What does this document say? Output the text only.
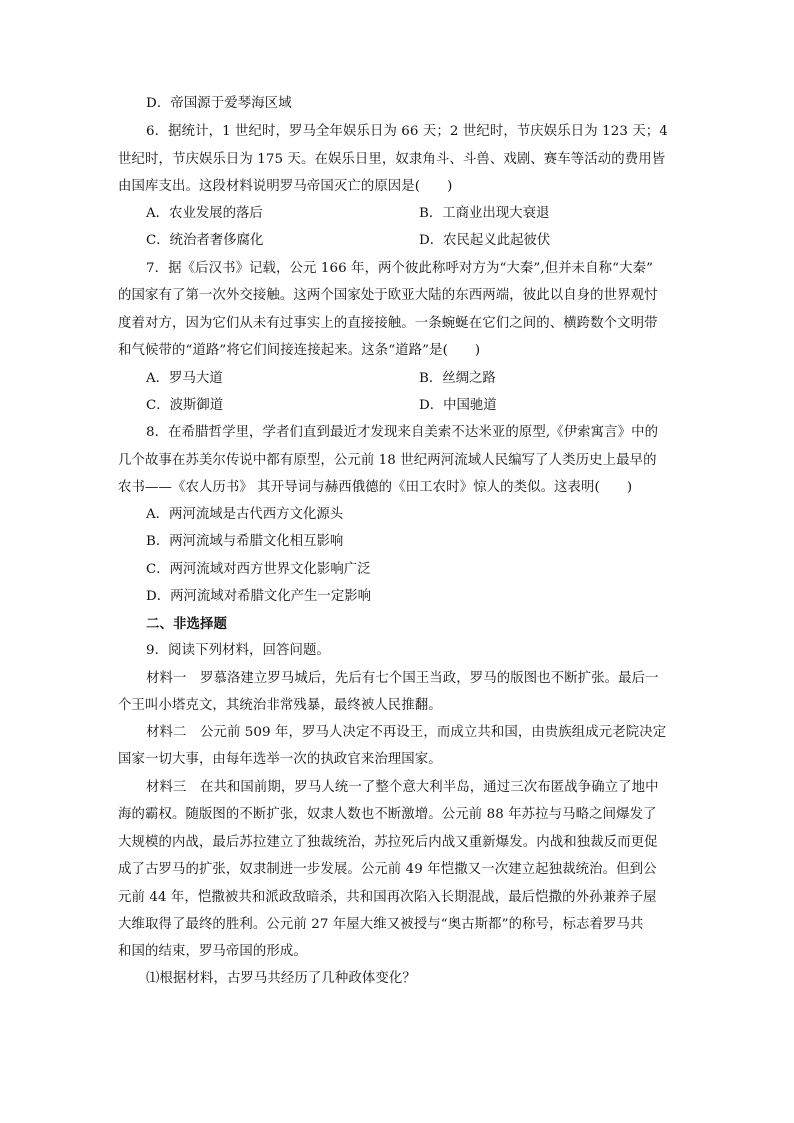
D．帝国源于爱琴海区域
6．据统计，1 世纪时，罗马全年娱乐日为 66 天；2 世纪时，节庆娱乐日为 123 天；4
世纪时，节庆娱乐日为 175 天。在娱乐日里，奴隶角斗、斗兽、戏剧、赛车等活动的费用皆
由国库支出。这段材料说明罗马帝国灭亡的原因是(　　)
A．农业发展的落后	B．工商业出现大衰退
C．统治者奢侈腐化	D．农民起义此起彼伏
7．据《后汉书》记载，公元 166 年，两个彼此称呼对方为“大秦”,但并未自称“大秦”
的国家有了第一次外交接触。这两个国家处于欧亚大陆的东西两端，彼此以自身的世界观忖
度着对方，因为它们从未有过事实上的直接接触。一条蜿蜒在它们之间的、横跨数个文明带
和气候带的“道路”将它们间接连接起来。这条“道路”是(　　)
A．罗马大道	B．丝绸之路
C．波斯御道	D．中国驰道
8．在希腊哲学里，学者们直到最近才发现来自美索不达米亚的原型,《伊索寓言》中的
几个故事在苏美尔传说中都有原型，公元前 18 世纪两河流域人民编写了人类历史上最早的
农书——《农人历书》 其开导词与赫西俄德的《田工农时》惊人的类似。这表明(　　)
A．两河流域是古代西方文化源头
B．两河流域与希腊文化相互影响
C．两河流域对西方世界文化影响广泛
D．两河流域对希腊文化产生一定影响
二、非选择题
9．阅读下列材料，回答问题。
材料一　罗慕洛建立罗马城后，先后有七个国王当政，罗马的版图也不断扩张。最后一
个王叫小塔克文，其统治非常残暴，最终被人民推翻。
材料二　公元前 509 年，罗马人决定不再设王，而成立共和国，由贵族组成元老院决定
国家一切大事，由每年选举一次的执政官来治理国家。
材料三　在共和国前期，罗马人统一了整个意大利半岛，通过三次布匿战争确立了地中
海的霸权。随版图的不断扩张，奴隶人数也不断激增。公元前 88 年苏拉与马略之间爆发了
大规模的内战，最后苏拉建立了独裁统治，苏拉死后内战又重新爆发。内战和独裁反而更促
成了古罗马的扩张，奴隶制进一步发展。公元前 49 年恺撒又一次建立起独裁统治。但到公
元前 44 年，恺撒被共和派政敌暗杀，共和国再次陷入长期混战，最后恺撒的外孙兼养子屋
大维取得了最终的胜利。公元前 27 年屋大维又被授与“奥古斯都”的称号，标志着罗马共
和国的结束，罗马帝国的形成。
⑴根据材料，古罗马共经历了几种政体变化？
